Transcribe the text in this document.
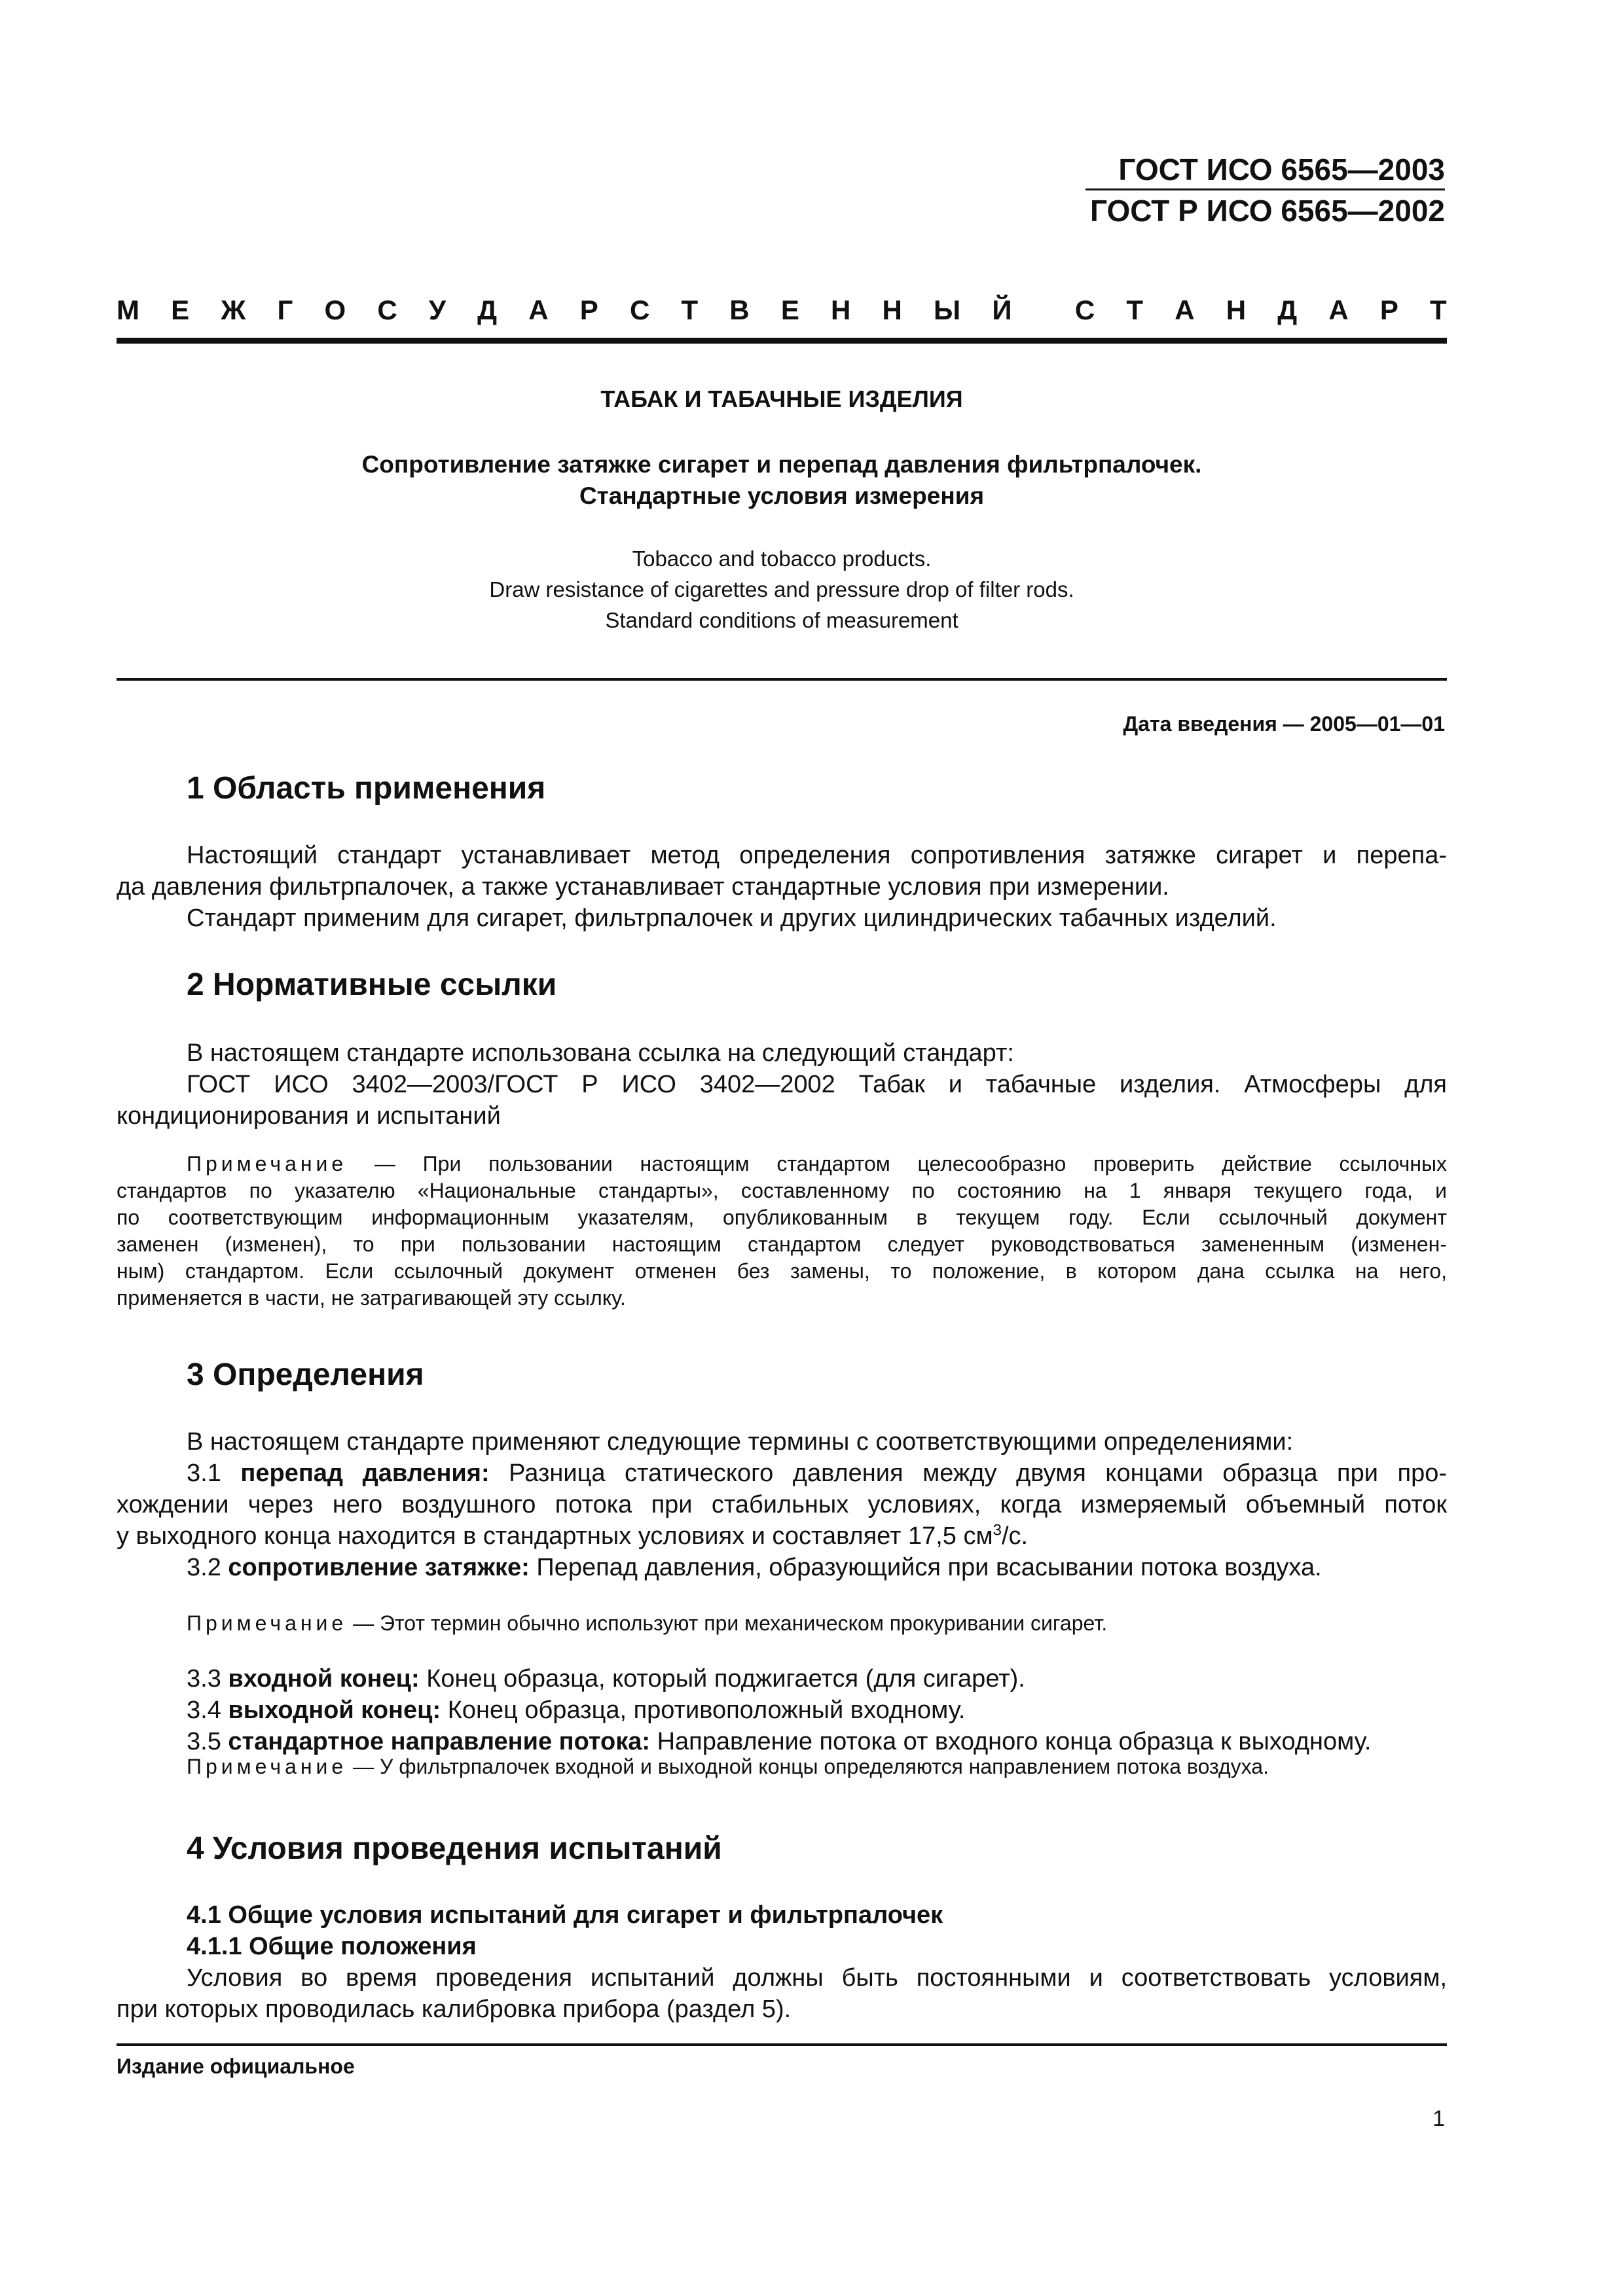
ГОСТ ИСО 6565—2003
ГОСТ Р ИСО 6565—2002
М Е Ж Г О С У Д А Р С Т В Е Н Н Ы Й С Т А Н Д А Р Т
ТАБАК И ТАБАЧНЫЕ ИЗДЕЛИЯ
Сопротивление затяжке сигарет и перепад давления фильтрпалочек.
Стандартные условия измерения
Tobacco and tobacco products.
Draw resistance of cigarettes and pressure drop of filter rods.
Standard conditions of measurement
Дата введения — 2005—01—01
1 Область применения
Настоящий стандарт устанавливает метод определения сопротивления затяжке сигарет и перепа-
да давления фильтрпалочек, а также устанавливает стандартные условия при измерении.
Стандарт применим для сигарет, фильтрпалочек и других цилиндрических табачных изделий.
2 Нормативные ссылки
В настоящем стандарте использована ссылка на следующий стандарт:
ГОСТ ИСО 3402—2003/ГОСТ Р ИСО 3402—2002 Табак и табачные изделия. Атмосферы для
кондиционирования и испытаний
Примечание — При пользовании настоящим стандартом целесообразно проверить действие ссылочных
стандартов по указателю «Национальные стандарты», составленному по состоянию на 1 января текущего года, и
по соответствующим информационным указателям, опубликованным в текущем году. Если ссылочный документ
заменен (изменен), то при пользовании настоящим стандартом следует руководствоваться замененным (изменен-
ным) стандартом. Если ссылочный документ отменен без замены, то положение, в котором дана ссылка на него,
применяется в части, не затрагивающей эту ссылку.
3 Определения
В настоящем стандарте применяют следующие термины с соответствующими определениями:
3.1 перепад давления: Разница статического давления между двумя концами образца при про-
хождении через него воздушного потока при стабильных условиях, когда измеряемый объемный поток
у выходного конца находится в стандартных условиях и составляет 17,5 $см^3/с$.
3.2 сопротивление затяжке: Перепад давления, образующийся при всасывании потока воздуха.
Примечание — Этот термин обычно используют при механическом прокуривании сигарет.
3.3 входной конец: Конец образца, который поджигается (для сигарет).
3.4 выходной конец: Конец образца, противоположный входному.
3.5 стандартное направление потока: Направление потока от входного конца образца к выходному.
Примечание — У фильтрпалочек входной и выходной концы определяются направлением потока воздуха.
4 Условия проведения испытаний
4.1 Общие условия испытаний для сигарет и фильтрпалочек
4.1.1 Общие положения
Условия во время проведения испытаний должны быть постоянными и соответствовать условиям,
при которых проводилась калибровка прибора (раздел 5).
Издание официальное
1
